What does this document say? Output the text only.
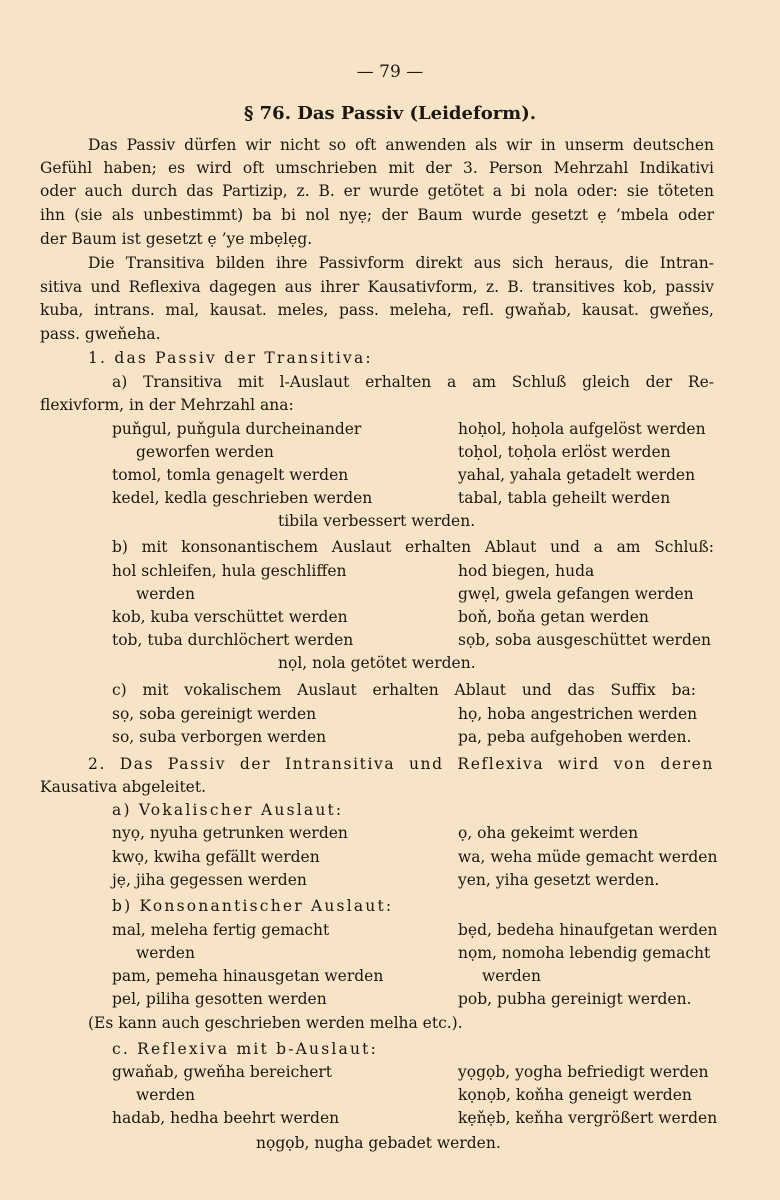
— 79 —
§ 76. Das Passiv (Leideform).
Das Passiv dürfen wir nicht so oft anwenden als wir in unserm deutschen
Gefühl haben; es wird oft umschrieben mit der 3. Person Mehrzahl Indikativi
oder auch durch das Partizip, z. B. er wurde getötet a bi nola oder: sie töteten
ihn (sie als unbestimmt) ba bi nol nyẹ; der Baum wurde gesetzt ẹ ’mbela oder
der Baum ist gesetzt ẹ ’ye mbẹlẹg.
Die Transitiva bilden ihre Passivform direkt aus sich heraus, die Intran-
sitiva und Reflexiva dagegen aus ihrer Kausativform, z. B. transitives kob, passiv
kuba, intrans. mal, kausat. meles, pass. meleha, refl. gwaňab, kausat. gweňes,
pass. gweňeha.
1. das Passiv der Transitiva:
a) Transitiva mit l-Auslaut erhalten a am Schluß gleich der Re-
flexivform, in der Mehrzahl ana:
puňgul, puňgula durcheinander	hoḥol, hoḥola aufgelöst werden
geworfen werden	toḥol, toḥola erlöst werden
tomol, tomla genagelt werden	yahal, yahala getadelt werden
kedel, kedla geschrieben werden	tabal, tabla geheilt werden
tibila verbessert werden.
b) mit konsonantischem Auslaut erhalten Ablaut und a am Schluß:
hol schleifen, hula geschliffen	hod biegen, huda
werden	gwẹl, gwela gefangen werden
kob, kuba verschüttet werden	boň, boňa getan werden
tob, tuba durchlöchert werden	sọb, soba ausgeschüttet werden
nọl, nola getötet werden.
c) mit vokalischem Auslaut erhalten Ablaut und das Suffix ba:
sọ, soba gereinigt werden	họ, hoba angestrichen werden
so, suba verborgen werden	pa, peba aufgehoben werden.
2. Das Passiv der Intransitiva und Reflexiva wird von deren
Kausativa abgeleitet.
a) Vokalischer Auslaut:
nyọ, nyuha getrunken werden	ọ, oha gekeimt werden
kwọ, kwiha gefällt werden	wa, weha müde gemacht werden
jẹ, jiha gegessen werden	yen, yiha gesetzt werden.
b) Konsonantischer Auslaut:
mal, meleha fertig gemacht	bẹd, bedeha hinaufgetan werden
werden	nọm, nomoha lebendig gemacht
pam, pemeha hinausgetan werden	werden
pel, piliha gesotten werden	pob, pubha gereinigt werden.
(Es kann auch geschrieben werden melha etc.).
c. Reflexiva mit b-Auslaut:
gwaňab, gweňha bereichert	yọgọb, yogha befriedigt werden
werden	kọnọb, koňha geneigt werden
hadab, hedha beehrt werden	kẹňẹb, keňha vergrößert werden
nọgọb, nugha gebadet werden.
